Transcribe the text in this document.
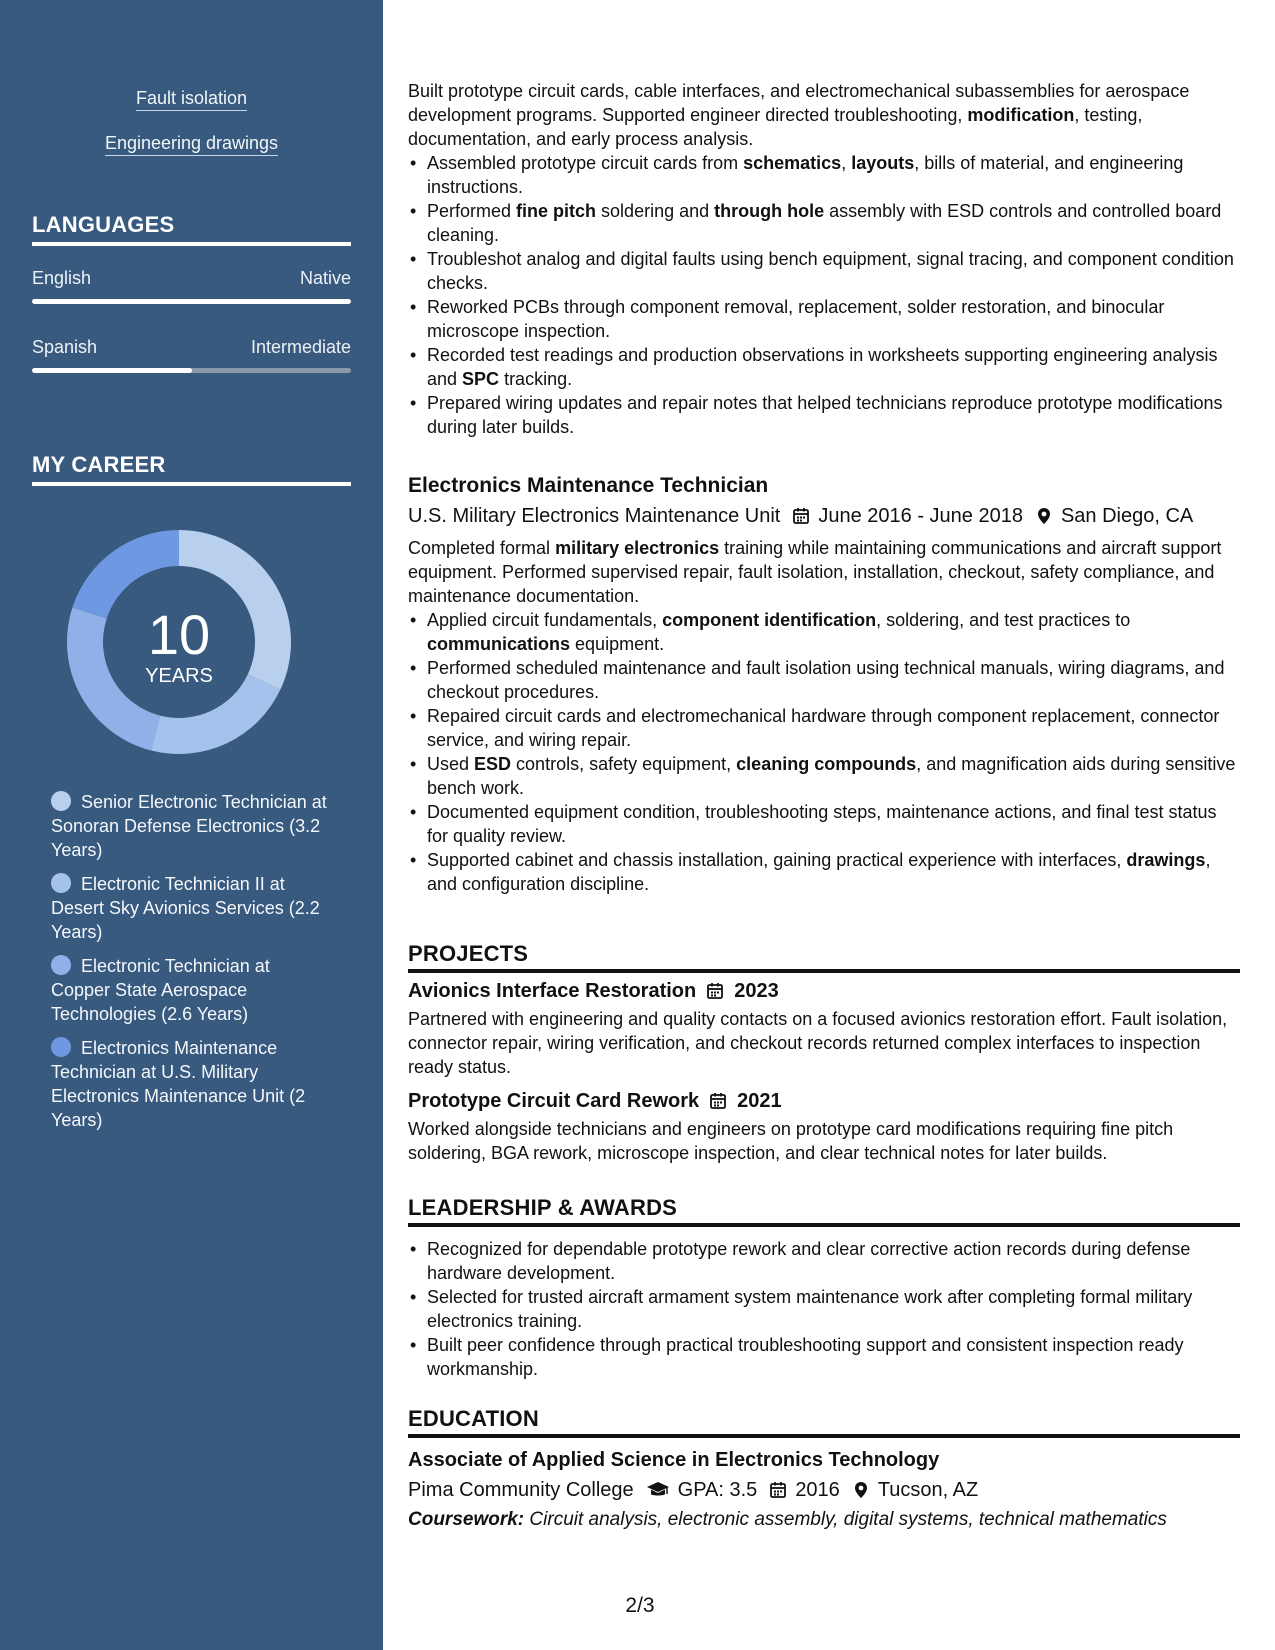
Fault isolation
Engineering drawings
LANGUAGES
English	Native
Spanish	Intermediate
MY CAREER
10
YEARS
Senior Electronic Technician at Sonoran Defense Electronics (3.2 Years)
Electronic Technician II at Desert Sky Avionics Services (2.2 Years)
Electronic Technician at Copper State Aerospace Technologies (2.6 Years)
Electronics Maintenance Technician at U.S. Military Electronics Maintenance Unit (2 Years)

Built prototype circuit cards, cable interfaces, and electromechanical subassemblies for aerospace development programs. Supported engineer directed troubleshooting, modification, testing, documentation, and early process analysis.

• Assembled prototype circuit cards from schematics, layouts, bills of material, and engineering instructions.
• Performed fine pitch soldering and through hole assembly with ESD controls and controlled board cleaning.
• Troubleshot analog and digital faults using bench equipment, signal tracing, and component condition checks.
• Reworked PCBs through component removal, replacement, solder restoration, and binocular microscope inspection.
• Recorded test readings and production observations in worksheets supporting engineering analysis and SPC tracking.
• Prepared wiring updates and repair notes that helped technicians reproduce prototype modifications during later builds.
Electronics Maintenance Technician
U.S. Military Electronics Maintenance Unit June 2016 - June 2018 San Diego, CA

Completed formal military electronics training while maintaining communications and aircraft support equipment. Performed supervised repair, fault isolation, installation, checkout, safety compliance, and maintenance documentation.

• Applied circuit fundamentals, component identification, soldering, and test practices to communications equipment.
• Performed scheduled maintenance and fault isolation using technical manuals, wiring diagrams, and checkout procedures.
• Repaired circuit cards and electromechanical hardware through component replacement, connector service, and wiring repair.
• Used ESD controls, safety equipment, cleaning compounds, and magnification aids during sensitive bench work.
• Documented equipment condition, troubleshooting steps, maintenance actions, and final test status for quality review.
• Supported cabinet and chassis installation, gaining practical experience with interfaces, drawings, and configuration discipline.
PROJECTS
Avionics Interface Restoration 2023

Partnered with engineering and quality contacts on a focused avionics restoration effort. Fault isolation, connector repair, wiring verification, and checkout records returned complex interfaces to inspection ready status.

Prototype Circuit Card Rework 2021

Worked alongside technicians and engineers on prototype card modifications requiring fine pitch soldering, BGA rework, microscope inspection, and clear technical notes for later builds.

LEADERSHIP & AWARDS
• Recognized for dependable prototype rework and clear corrective action records during defense hardware development.
• Selected for trusted aircraft armament system maintenance work after completing formal military electronics training.
• Built peer confidence through practical troubleshooting support and consistent inspection ready workmanship.
EDUCATION
Associate of Applied Science in Electronics Technology
Pima Community College GPA: 3.5 2016 Tucson, AZ
Coursework: Circuit analysis, electronic assembly, digital systems, technical mathematics
2/3
